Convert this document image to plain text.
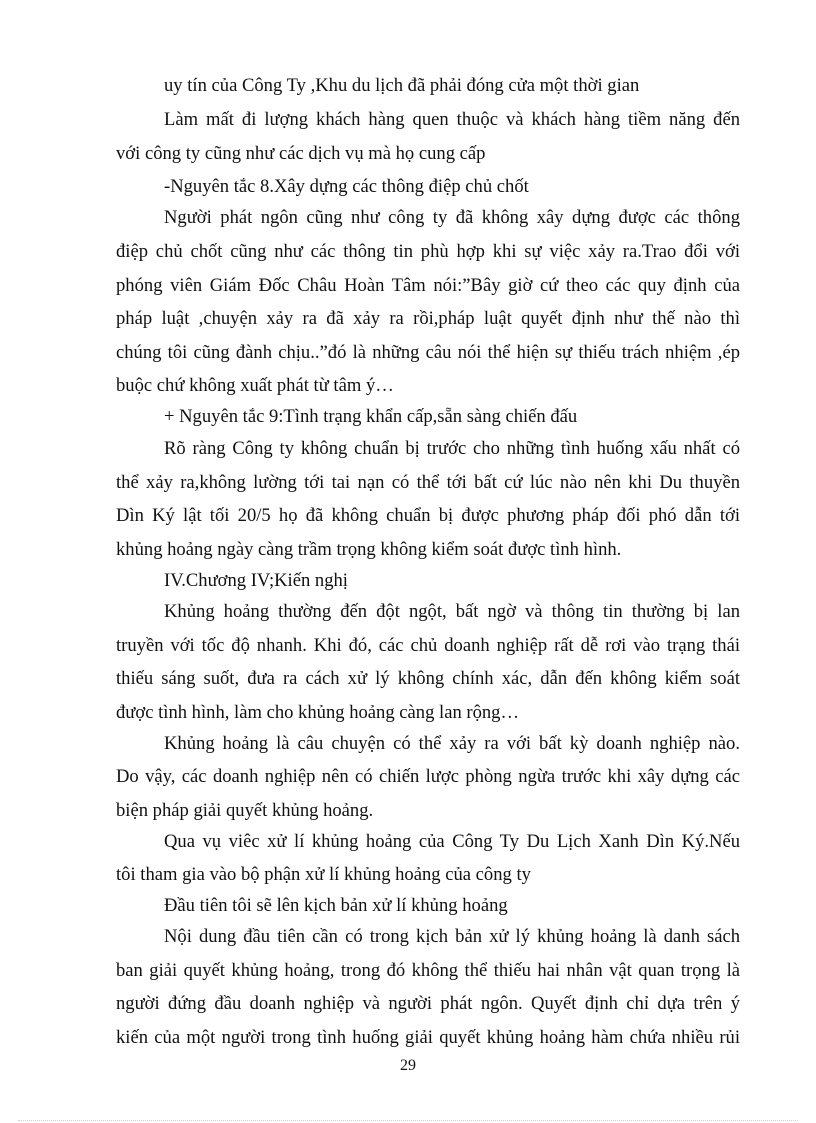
uy tín của Công Ty ,Khu du lịch đã phải đóng cửa một thời gian
Làm mất đi lượng khách hàng quen thuộc và khách hàng tiềm năng đến
với công ty cũng như các dịch vụ mà họ cung cấp
-Nguyên tắc 8.Xây dựng các thông điệp chủ chốt
Người phát ngôn cũng như công ty đã không xây dựng được các thông
điệp chủ chốt cũng như các thông tin phù hợp khi sự việc xảy ra.Trao đổi với
phóng viên Giám Đốc Châu Hoàn Tâm nói:”Bây giờ cứ theo các quy định của
pháp luật ,chuyện xảy ra đã xảy ra rồi,pháp luật quyết định như thế nào thì
chúng tôi cũng đành chịu..”đó là những câu nói thể hiện sự thiếu trách nhiệm ,ép
buộc chứ không xuất phát từ tâm ý…
+ Nguyên tắc 9:Tình trạng khẩn cấp,sẵn sàng chiến đấu
Rõ ràng Công ty không chuẩn bị trước cho những tình huống xấu nhất có
thể xảy ra,không lường tới tai nạn có thể tới bất cứ lúc nào nên khi Du thuyền
Dìn Ký lật tối 20/5 họ đã không chuẩn bị được phương pháp đối phó dẫn tới
khủng hoảng ngày càng trầm trọng không kiểm soát được tình hình.
IV.Chương IV;Kiến nghị
Khủng hoảng thường đến đột ngột, bất ngờ và thông tin thường bị lan
truyền với tốc độ nhanh. Khi đó, các chủ doanh nghiệp rất dễ rơi vào trạng thái
thiếu sáng suốt, đưa ra cách xử lý không chính xác, dẫn đến không kiểm soát
được tình hình, làm cho khủng hoảng càng lan rộng…
Khủng hoảng là câu chuyện có thể xảy ra với bất kỳ doanh nghiệp nào.
Do vậy, các doanh nghiệp nên có chiến lược phòng ngừa trước khi xây dựng các
biện pháp giải quyết khủng hoảng.
Qua vụ viêc xử lí khủng hoảng của Công Ty Du Lịch Xanh Dìn Ký.Nếu
tôi tham gia vào bộ phận xử lí khủng hoảng của công ty
Đầu tiên tôi sẽ lên kịch bản xử lí khủng hoảng
Nội dung đầu tiên cần có trong kịch bản xử lý khủng hoảng là danh sách
ban giải quyết khủng hoảng, trong đó không thể thiếu hai nhân vật quan trọng là
người đứng đầu doanh nghiệp và người phát ngôn. Quyết định chỉ dựa trên ý
kiến của một người trong tình huống giải quyết khủng hoảng hàm chứa nhiều rủi
29
